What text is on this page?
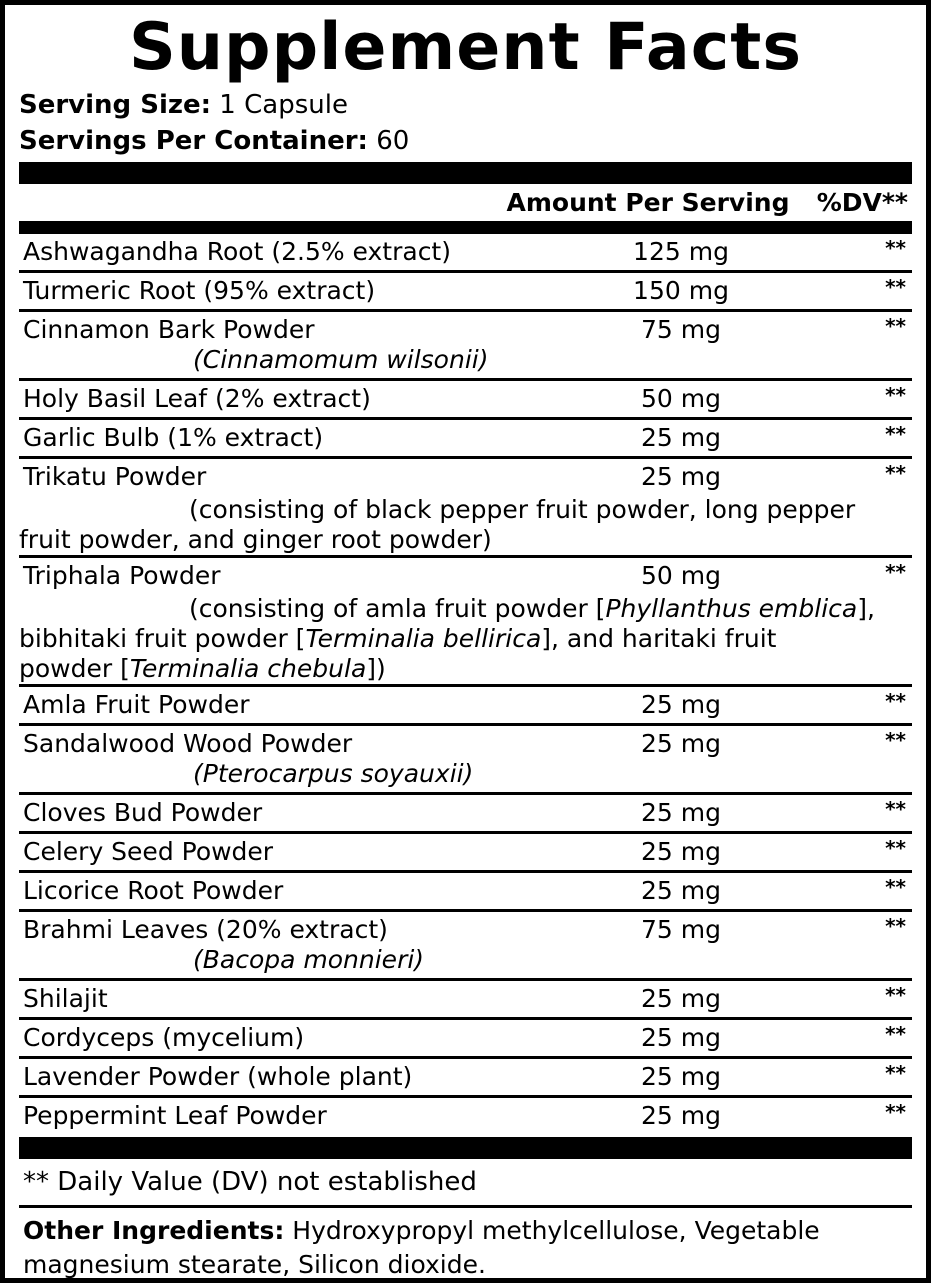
Supplement Facts
Serving Size: 1 Capsule
Servings Per Container: 60
Amount Per Serving	%DV**
Ashwagandha Root (2.5% extract)	125 mg	**
Turmeric Root (95% extract)	150 mg	**
Cinnamon Bark Powder
(Cinnamomum wilsonii)	75 mg	**
Holy Basil Leaf (2% extract)	50 mg	**
Garlic Bulb (1% extract)	25 mg	**
Trikatu Powder	25 mg	**

(consisting of black pepper fruit powder, long pepper
fruit powder, and ginger root powder)		

Triphala Powder	50 mg	**

(consisting of amla fruit powder [Phyllanthus emblica],
bibhitaki fruit powder [Terminalia bellirica], and haritaki fruit
powder [Terminalia chebula])		

Amla Fruit Powder	25 mg	**
Sandalwood Wood Powder
(Pterocarpus soyauxii)	25 mg	**
Cloves Bud Powder	25 mg	**
Celery Seed Powder	25 mg	**
Licorice Root Powder	25 mg	**
Brahmi Leaves (20% extract)
(Bacopa monnieri)	75 mg	**
Shilajit	25 mg	**
Cordyceps (mycelium)	25 mg	**
Lavender Powder (whole plant)	25 mg	**
Peppermint Leaf Powder	25 mg	**
** Daily Value (DV) not established
Other Ingredients: Hydroxypropyl methylcellulose, Vegetable magnesium stearate, Silicon dioxide.
